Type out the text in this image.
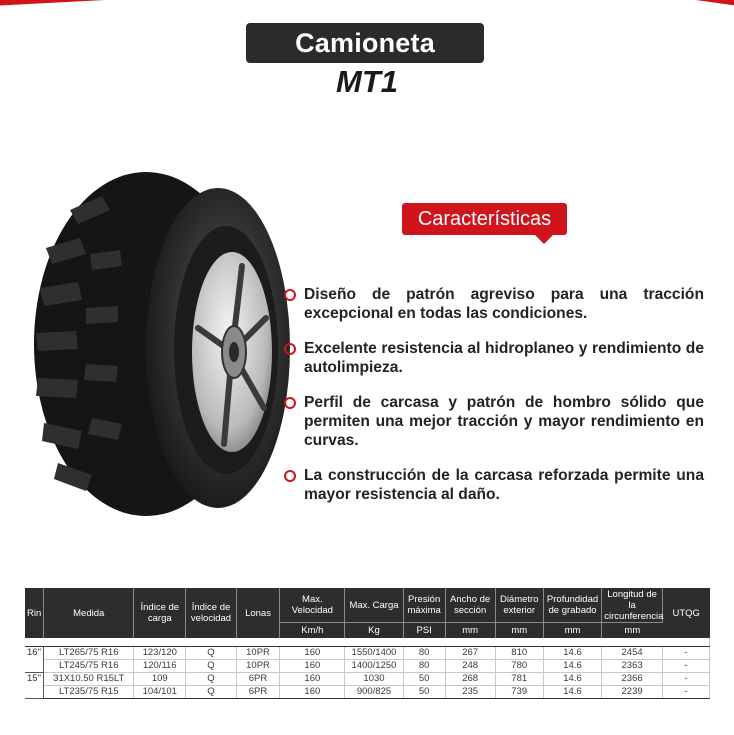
Camioneta
MT1
Características
Diseño de patrón agreviso para una tracción excepcional en todas las condiciones.
Excelente resistencia al hidroplaneo y rendimiento de autolimpieza.
Perfil de carcasa y patrón de hombro sólido que permiten una mejor tracción y mayor rendimiento en curvas.
La construcción de la carcasa reforzada permite una mayor resistencia al daño.
Rin	Medida	Índice de carga	Índice de velocidad	Lonas	Max. Velocidad	Max. Carga	Presión máxima	Ancho de sección	Diámetro exterior	Profundidad de grabado	Longitud de la circunferencia	UTQG
					Km/h	Kg	PSI	mm	mm	mm	mm	

16"	LT265/75 R16	123/120	Q	10PR	160	1550/1400	80	267	810	14.6	2454	-
	LT245/75 R16	120/116	Q	10PR	160	1400/1250	80	248	780	14.6	2363	-
15"	31X10.50 R15LT	109	Q	6PR	160	1030	50	268	781	14.6	2366	-
	LT235/75 R15	104/101	Q	6PR	160	900/825	50	235	739	14.6	2239	-
